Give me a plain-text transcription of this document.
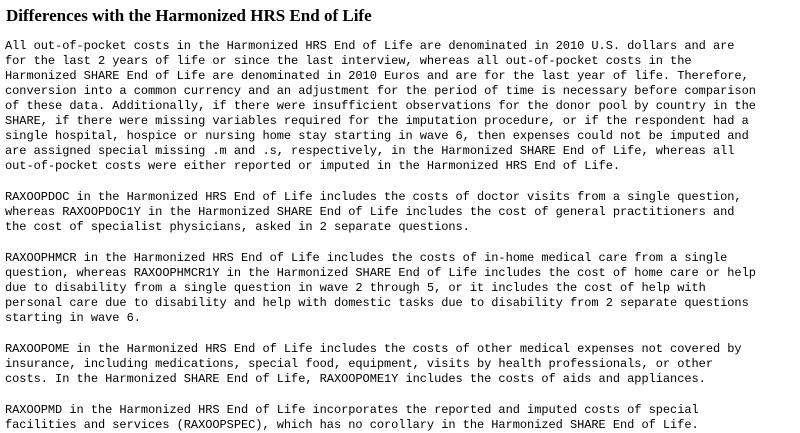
Differences with the Harmonized HRS End of Life
All out-of-pocket costs in the Harmonized HRS End of Life are denominated in 2010 U.S. dollars and are
for the last 2 years of life or since the last interview, whereas all out-of-pocket costs in the
Harmonized SHARE End of Life are denominated in 2010 Euros and are for the last year of life. Therefore,
conversion into a common currency and an adjustment for the period of time is necessary before comparison
of these data. Additionally, if there were insufficient observations for the donor pool by country in the
SHARE, if there were missing variables required for the imputation procedure, or if the respondent had a
single hospital, hospice or nursing home stay starting in wave 6, then expenses could not be imputed and
are assigned special missing .m and .s, respectively, in the Harmonized SHARE End of Life, whereas all
out-of-pocket costs were either reported or imputed in the Harmonized HRS End of Life.
RAXOOPDOC in the Harmonized HRS End of Life includes the costs of doctor visits from a single question,
whereas RAXOOPDOC1Y in the Harmonized SHARE End of Life includes the cost of general practitioners and
the cost of specialist physicians, asked in 2 separate questions.
RAXOOPHMCR in the Harmonized HRS End of Life includes the costs of in-home medical care from a single
question, whereas RAXOOPHMCR1Y in the Harmonized SHARE End of Life includes the cost of home care or help
due to disability from a single question in wave 2 through 5, or it includes the cost of help with
personal care due to disability and help with domestic tasks due to disability from 2 separate questions
starting in wave 6.
RAXOOPOME in the Harmonized HRS End of Life includes the costs of other medical expenses not covered by
insurance, including medications, special food, equipment, visits by health professionals, or other
costs. In the Harmonized SHARE End of Life, RAXOOPOME1Y includes the costs of aids and appliances.
RAXOOPMD in the Harmonized HRS End of Life incorporates the reported and imputed costs of special
facilities and services (RAXOOPSPEC), which has no corollary in the Harmonized SHARE End of Life.
